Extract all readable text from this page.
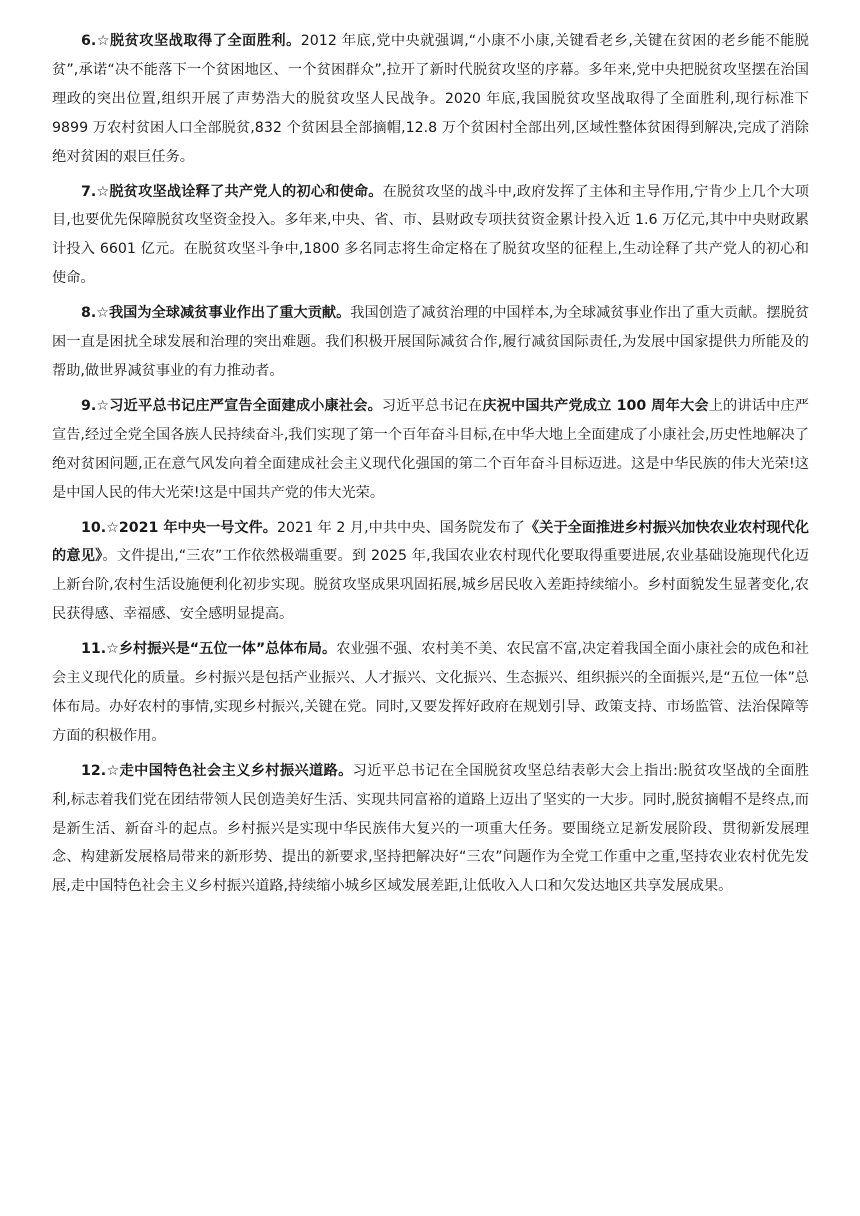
6.☆脱贫攻坚战取得了全面胜利。2012 年底,党中央就强调,“小康不小康,关键看老乡,关键在贫困的老乡能不能脱贫”,承诺“决不能落下一个贫困地区、一个贫困群众”,拉开了新时代脱贫攻坚的序幕。多年来,党中央把脱贫攻坚摆在治国理政的突出位置,组织开展了声势浩大的脱贫攻坚人民战争。2020 年底,我国脱贫攻坚战取得了全面胜利,现行标准下 9899 万农村贫困人口全部脱贫,832 个贫困县全部摘帽,12.8 万个贫困村全部出列,区域性整体贫困得到解决,完成了消除绝对贫困的艰巨任务。

7.☆脱贫攻坚战诠释了共产党人的初心和使命。在脱贫攻坚的战斗中,政府发挥了主体和主导作用,宁肯少上几个大项目,也要优先保障脱贫攻坚资金投入。多年来,中央、省、市、县财政专项扶贫资金累计投入近 1.6 万亿元,其中中央财政累计投入 6601 亿元。在脱贫攻坚斗争中,1800 多名同志将生命定格在了脱贫攻坚的征程上,生动诠释了共产党人的初心和使命。

8.☆我国为全球减贫事业作出了重大贡献。我国创造了减贫治理的中国样本,为全球减贫事业作出了重大贡献。摆脱贫困一直是困扰全球发展和治理的突出难题。我们积极开展国际减贫合作,履行减贫国际责任,为发展中国家提供力所能及的帮助,做世界减贫事业的有力推动者。

9.☆习近平总书记庄严宣告全面建成小康社会。习近平总书记在庆祝中国共产党成立 100 周年大会上的讲话中庄严宣告,经过全党全国各族人民持续奋斗,我们实现了第一个百年奋斗目标,在中华大地上全面建成了小康社会,历史性地解决了绝对贫困问题,正在意气风发向着全面建成社会主义现代化强国的第二个百年奋斗目标迈进。这是中华民族的伟大光荣!这是中国人民的伟大光荣!这是中国共产党的伟大光荣。

10.☆2021 年中央一号文件。2021 年 2 月,中共中央、国务院发布了《关于全面推进乡村振兴加快农业农村现代化的意见》。文件提出,“三农”工作依然极端重要。到 2025 年,我国农业农村现代化要取得重要进展,农业基础设施现代化迈上新台阶,农村生活设施便利化初步实现。脱贫攻坚成果巩固拓展,城乡居民收入差距持续缩小。乡村面貌发生显著变化,农民获得感、幸福感、安全感明显提高。

11.☆乡村振兴是“五位一体”总体布局。农业强不强、农村美不美、农民富不富,决定着我国全面小康社会的成色和社会主义现代化的质量。乡村振兴是包括产业振兴、人才振兴、文化振兴、生态振兴、组织振兴的全面振兴,是“五位一体”总体布局。办好农村的事情,实现乡村振兴,关键在党。同时,又要发挥好政府在规划引导、政策支持、市场监管、法治保障等方面的积极作用。

12.☆走中国特色社会主义乡村振兴道路。习近平总书记在全国脱贫攻坚总结表彰大会上指出:脱贫攻坚战的全面胜利,标志着我们党在团结带领人民创造美好生活、实现共同富裕的道路上迈出了坚实的一大步。同时,脱贫摘帽不是终点,而是新生活、新奋斗的起点。乡村振兴是实现中华民族伟大复兴的一项重大任务。要围绕立足新发展阶段、贯彻新发展理念、构建新发展格局带来的新形势、提出的新要求,坚持把解决好“三农”问题作为全党工作重中之重,坚持农业农村优先发展,走中国特色社会主义乡村振兴道路,持续缩小城乡区域发展差距,让低收入人口和欠发达地区共享发展成果。
